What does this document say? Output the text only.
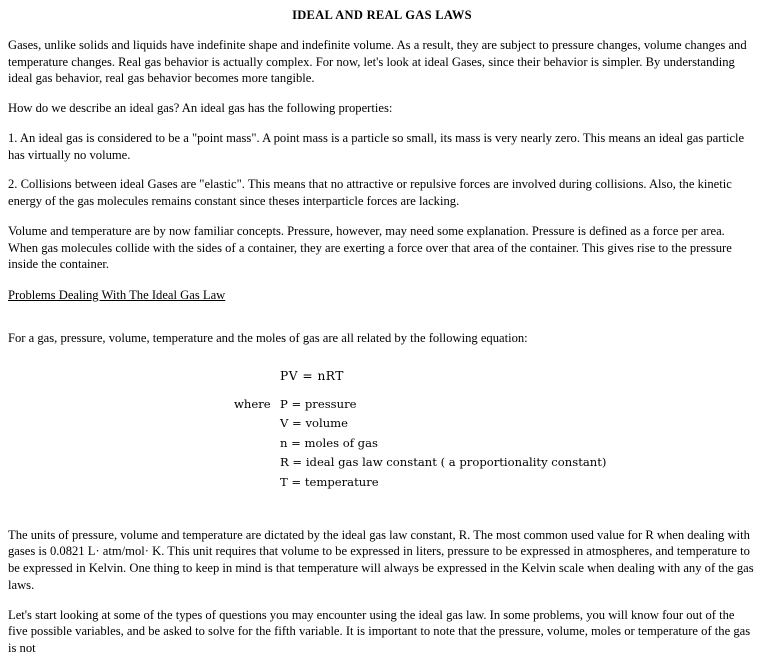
IDEAL AND REAL GAS LAWS

Gases, unlike solids and liquids have indefinite shape and indefinite volume. As a result, they are subject to pressure changes, volume changes and temperature changes. Real gas behavior is actually complex. For now, let's look at ideal Gases, since their behavior is simpler. By understanding ideal gas behavior, real gas behavior becomes more tangible.

How do we describe an ideal gas? An ideal gas has the following properties:

1. An ideal gas is considered to be a "point mass". A point mass is a particle so small, its mass is very nearly zero. This means an ideal gas particle has virtually no volume.

2. Collisions between ideal Gases are "elastic". This means that no attractive or repulsive forces are involved during collisions. Also, the kinetic energy of the gas molecules remains constant since theses interparticle forces are lacking.

Volume and temperature are by now familiar concepts. Pressure, however, may need some explanation. Pressure is defined as a force per area. When gas molecules collide with the sides of a container, they are exerting a force over that area of the container. This gives rise to the pressure inside the container.

Problems Dealing With The Ideal Gas Law

For a gas, pressure, volume, temperature and the moles of gas are all related by the following equation:

PV = nRT
where P = pressure
V = volume
n = moles of gas
R = ideal gas law constant ( a proportionality constant)
T = temperature

The units of pressure, volume and temperature are dictated by the ideal gas law constant, R. The most common used value for R when dealing with gases is 0.0821 L· atm/mol· K. This unit requires that volume to be expressed in liters, pressure to be expressed in atmospheres, and temperature to be expressed in Kelvin. One thing to keep in mind is that temperature will always be expressed in the Kelvin scale when dealing with any of the gas laws.

Let's start looking at some of the types of questions you may encounter using the ideal gas law. In some problems, you will know four out of the five possible variables, and be asked to solve for the fifth variable. It is important to note that the pressure, volume, moles or temperature of the gas is not
